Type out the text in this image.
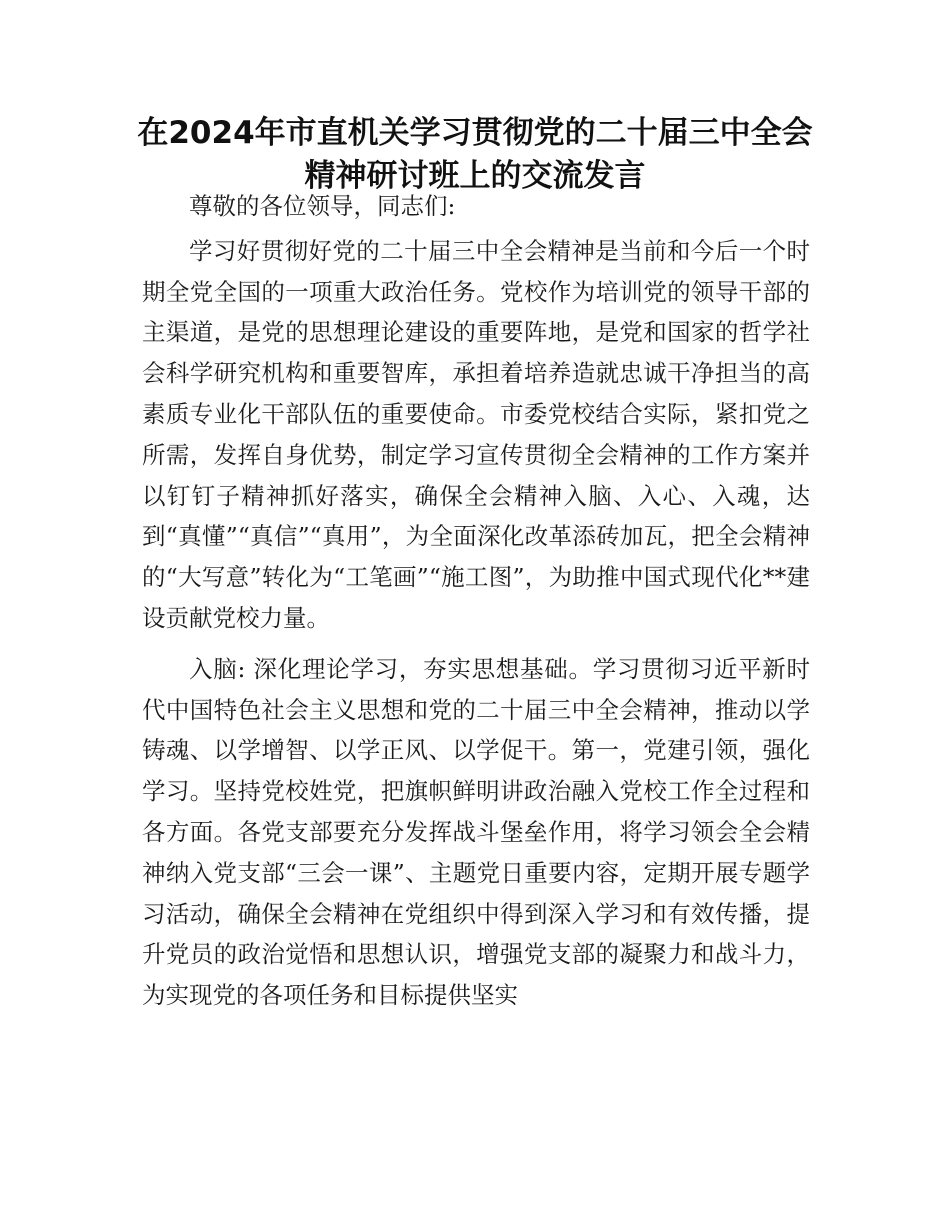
在2024年市直机关学习贯彻党的二十届三中全会精神研讨班上的交流发言

尊敬的各位领导，同志们:

学习好贯彻好党的二十届三中全会精神是当前和今后一个时期全党全国的一项重大政治任务。党校作为培训党的领导干部的主渠道，是党的思想理论建设的重要阵地，是党和国家的哲学社会科学研究机构和重要智库，承担着培养造就忠诚干净担当的高素质专业化干部队伍的重要使命。市委党校结合实际，紧扣党之所需，发挥自身优势，制定学习宣传贯彻全会精神的工作方案并以钉钉子精神抓好落实，确保全会精神入脑、入心、入魂，达到“真懂”“真信”“真用”，为全面深化改革添砖加瓦，把全会精神的“大写意”转化为“工笔画”“施工图”，为助推中国式现代化**建设贡献党校力量。

入脑: 深化理论学习，夯实思想基础。学习贯彻习近平新时代中国特色社会主义思想和党的二十届三中全会精神，推动以学铸魂、以学增智、以学正风、以学促干。第一，党建引领，强化学习。坚持党校姓党，把旗帜鲜明讲政治融入党校工作全过程和各方面。各党支部要充分发挥战斗堡垒作用，将学习领会全会精神纳入党支部“三会一课”、主题党日重要内容，定期开展专题学习活动，确保全会精神在党组织中得到深入学习和有效传播，提升党员的政治觉悟和思想认识，增强党支部的凝聚力和战斗力，为实现党的各项任务和目标提供坚实
